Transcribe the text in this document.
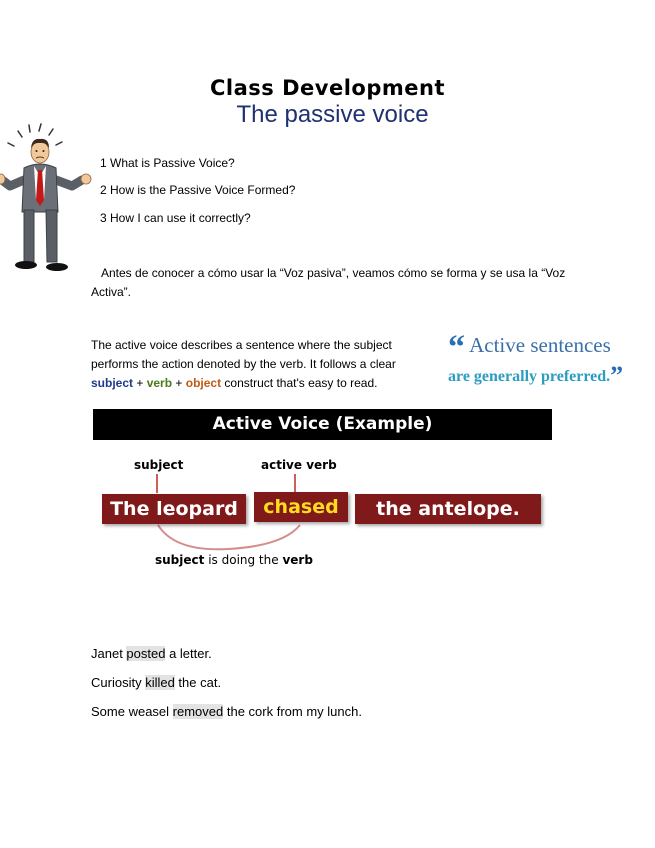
Class Development
The passive voice
1 What is Passive Voice?
2 How is the Passive Voice Formed?
3 How I can use it correctly?
Antes de conocer a cómo usar la “Voz pasiva”, veamos cómo se forma y se usa la “Voz Activa”.
The active voice describes a sentence where the subject performs the action denoted by the verb. It follows a clear subject + verb + object construct that's easy to read.
“ Active sentences
are generally preferred.”
Active Voice (Example)
subject	active verb
The leopard	chased	the antelope.
subject is doing the verb
Janet posted a letter.
Curiosity killed the cat.
Some weasel removed the cork from my lunch.
